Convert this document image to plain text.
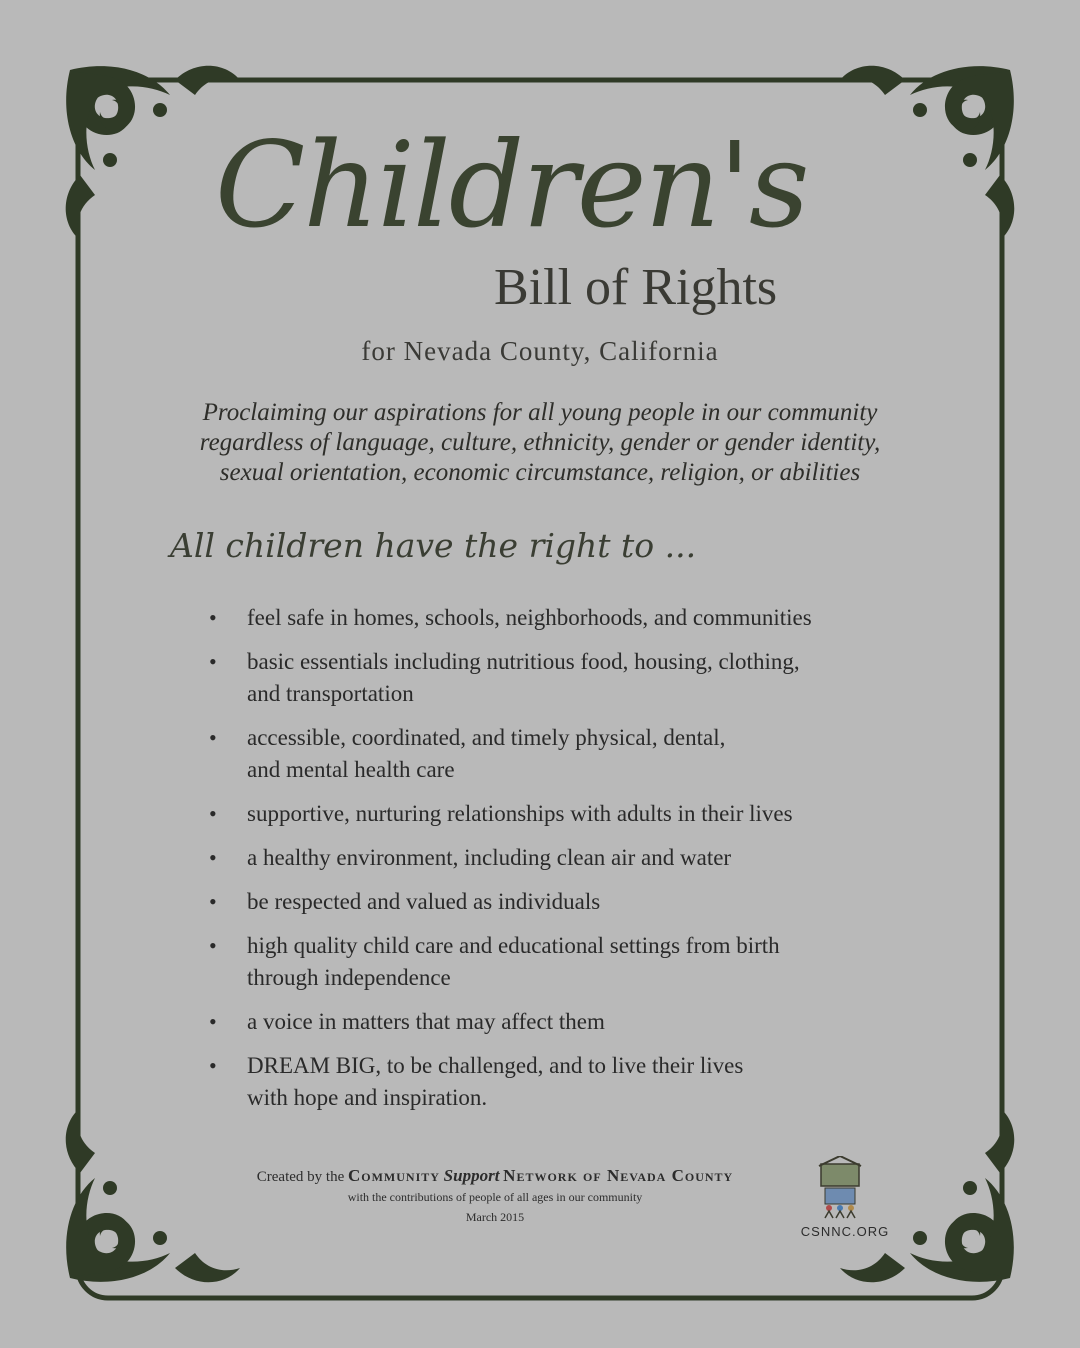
Children's
Bill of Rights
for Nevada County, California
Proclaiming our aspirations for all young people in our community
regardless of language, culture, ethnicity, gender or gender identity,
sexual orientation, economic circumstance, religion, or abilities
All children have the right to ...
• feel safe in homes, schools, neighborhoods, and communities
• basic essentials including nutritious food, housing, clothing,
and transportation
• accessible, coordinated, and timely physical, dental,
and mental health care
• supportive, nurturing relationships with adults in their lives
• a healthy environment, including clean air and water
• be respected and valued as individuals
• high quality child care and educational settings from birth
through independence
• a voice in matters that may affect them
• DREAM BIG, to be challenged, and to live their lives
with hope and inspiration.
Created by the Community Support Network of Nevada County
with the contributions of people of all ages in our community
March 2015
CSNNC.ORG
